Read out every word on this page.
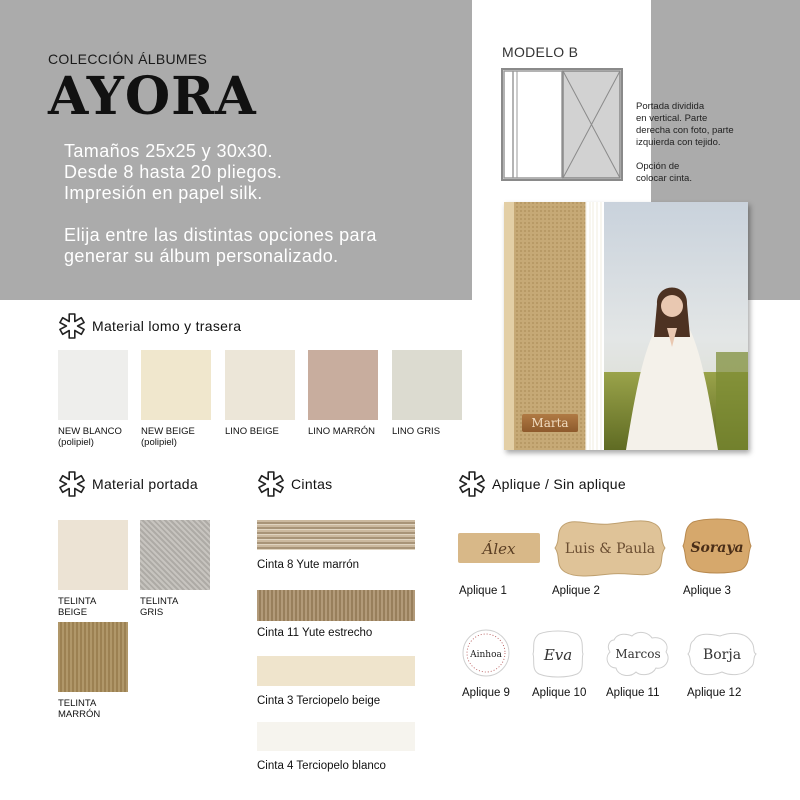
COLECCIÓN ÁLBUMES
AYORA
Tamaños 25x25 y 30x30.
Desde 8 hasta 20 pliegos.
Impresión en papel silk.
Elija entre las distintas opciones para
generar su álbum personalizado.
MODELO B
Portada dividida
en vertical. Parte
derecha con foto, parte
izquierda con tejido.
Opción de
colocar cinta.
Marta
Material lomo y trasera
NEW BLANCO
(polipiel)
NEW BEIGE
(polipiel)
LINO BEIGE	LINO MARRÓN LINO GRIS
Material portada
TELINTA
BEIGE
TELINTA
GRIS
TELINTA
MARRÓN
Cintas
Cinta 8 Yute marrón
Cinta 11 Yute estrecho
Cinta 3 Terciopelo beige
Cinta 4 Terciopelo blanco
Aplique / Sin aplique
Álex
Aplique 1
Luis & Paula
Aplique 2
Soraya
Aplique 3
Ainhoa
Aplique 9
Eva
Aplique 10
Marcos
Aplique 11
Borja
Aplique 12
